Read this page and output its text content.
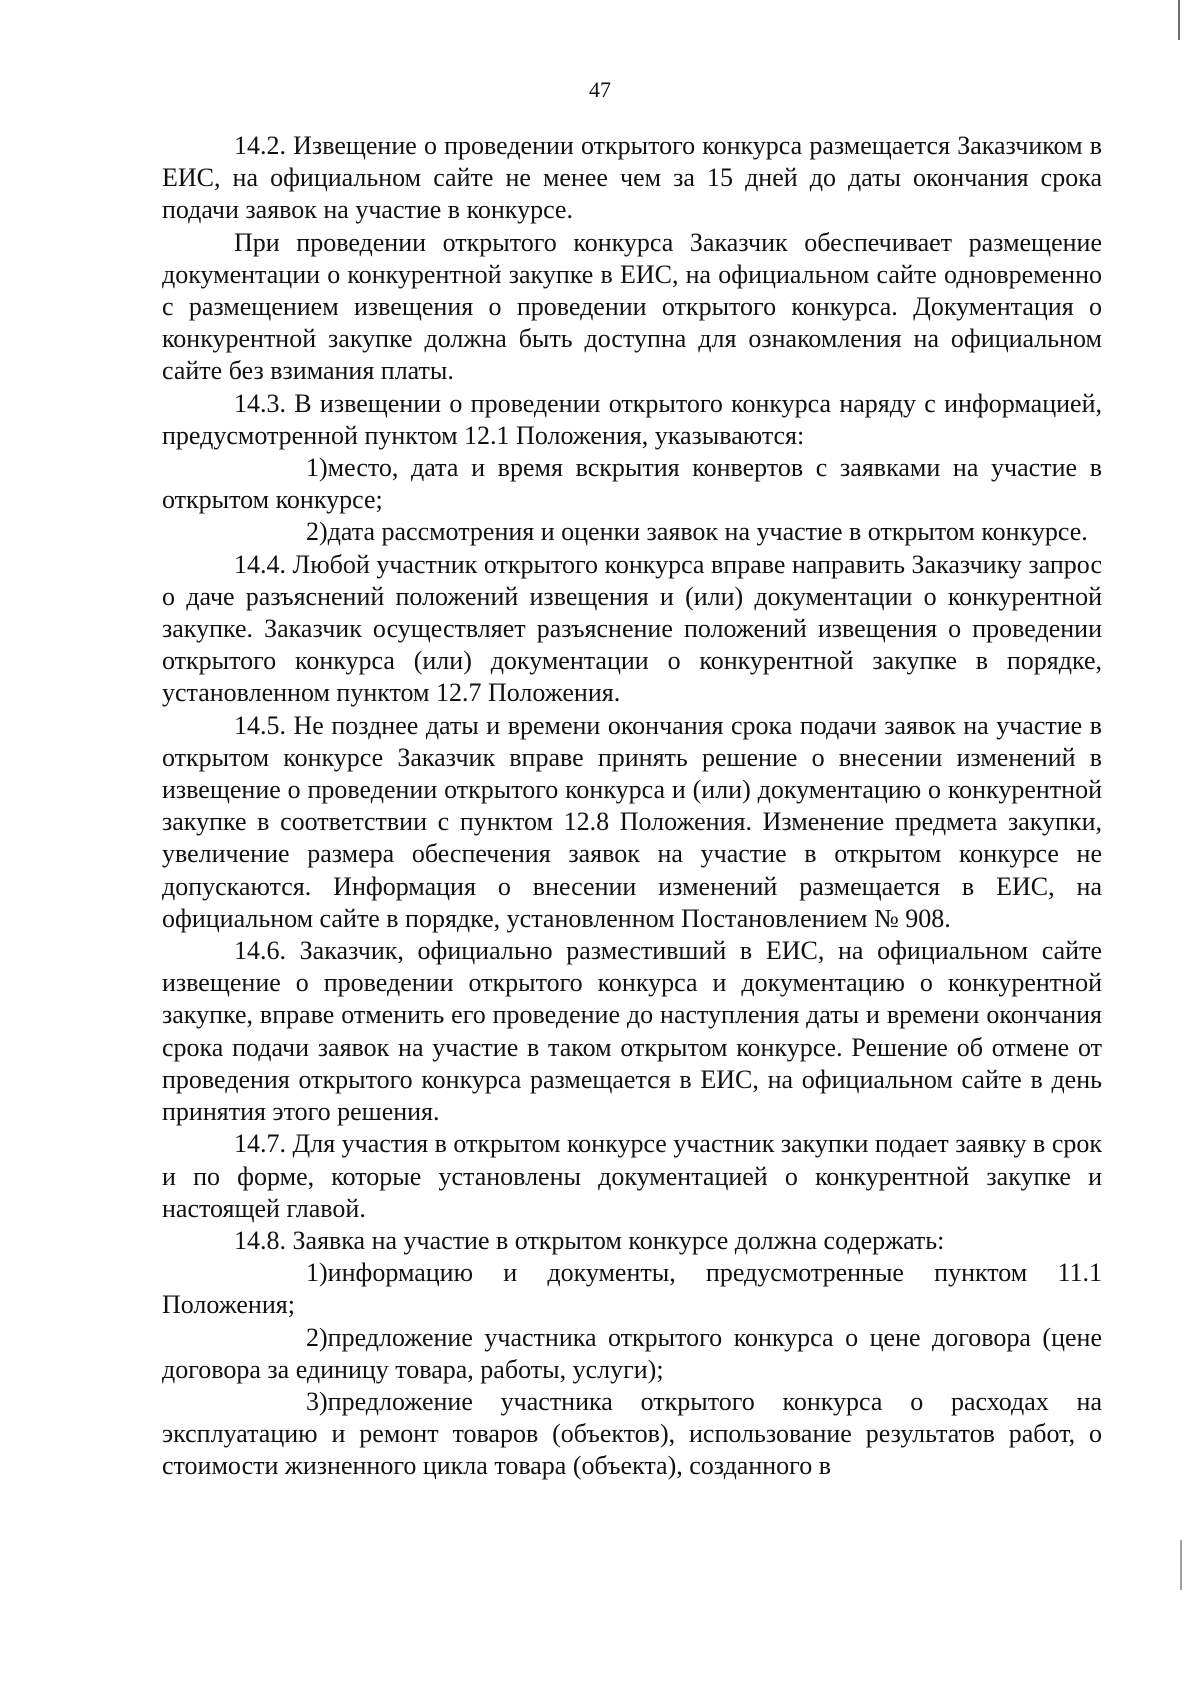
47

14.2. Извещение о проведении открытого конкурса размещается Заказчиком в ЕИС, на официальном сайте не менее чем за 15 дней до даты окончания срока подачи заявок на участие в конкурсе.

При проведении открытого конкурса Заказчик обеспечивает размещение документации о конкурентной закупке в ЕИС, на официальном сайте одновременно с размещением извещения о проведении открытого конкурса. Документация о конкурентной закупке должна быть доступна для ознакомления на официальном сайте без взимания платы.

14.3. В извещении о проведении открытого конкурса наряду с информацией, предусмотренной пунктом 12.1 Положения, указываются:

1)место, дата и время вскрытия конвертов с заявками на участие в открытом конкурсе;

2)дата рассмотрения и оценки заявок на участие в открытом конкурсе.

14.4. Любой участник открытого конкурса вправе направить Заказчику запрос о даче разъяснений положений извещения и (или) документации о конкурентной закупке. Заказчик осуществляет разъяснение положений извещения о проведении открытого конкурса (или) документации о конкурентной закупке в порядке, установленном пунктом 12.7 Положения.

14.5. Не позднее даты и времени окончания срока подачи заявок на участие в открытом конкурсе Заказчик вправе принять решение о внесении изменений в извещение о проведении открытого конкурса и (или) документацию о конкурентной закупке в соответствии с пунктом 12.8 Положения. Изменение предмета закупки, увеличение размера обеспечения заявок на участие в открытом конкурсе не допускаются. Информация о внесении изменений размещается в ЕИС, на официальном сайте в порядке, установленном Постановлением № 908.

14.6. Заказчик, официально разместивший в ЕИС, на официальном сайте извещение о проведении открытого конкурса и документацию о конкурентной закупке, вправе отменить его проведение до наступления даты и времени окончания срока подачи заявок на участие в таком открытом конкурсе. Решение об отмене от проведения открытого конкурса размещается в ЕИС, на официальном сайте в день принятия этого решения.

14.7. Для участия в открытом конкурсе участник закупки подает заявку в срок и по форме, которые установлены документацией о конкурентной закупке и настоящей главой.

14.8. Заявка на участие в открытом конкурсе должна содержать:

1)информацию и документы, предусмотренные пунктом 11.1 Положения;

2)предложение участника открытого конкурса о цене договора (цене договора за единицу товара, работы, услуги);

3)предложение участника открытого конкурса о расходах на эксплуатацию и ремонт товаров (объектов), использование результатов работ, о стоимости жизненного цикла товара (объекта), созданного в
